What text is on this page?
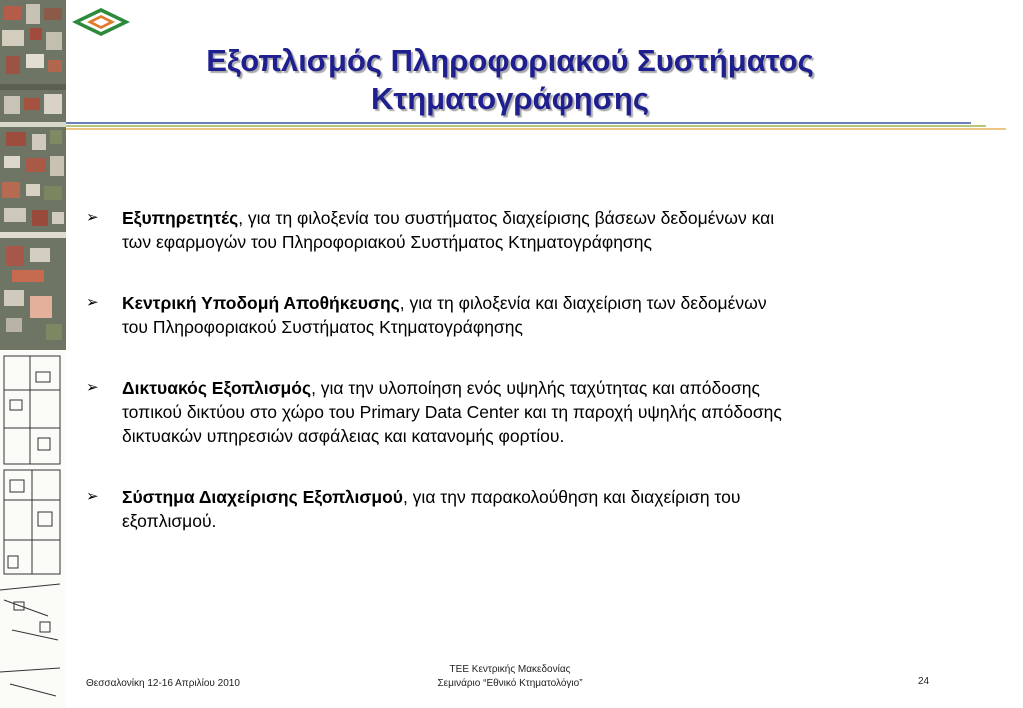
Εξοπλισμός Πληροφοριακού Συστήματος
Κτηματογράφησης
➢ Εξυπηρετητές, για τη φιλοξενία του συστήματος διαχείρισης βάσεων δεδομένων και
των εφαρμογών του Πληροφοριακού Συστήματος Κτηματογράφησης
➢ Κεντρική Υποδομή Αποθήκευσης, για τη φιλοξενία και διαχείριση των δεδομένων
του Πληροφοριακού Συστήματος Κτηματογράφησης
➢ Δικτυακός Εξοπλισμός, για την υλοποίηση ενός υψηλής ταχύτητας και απόδοσης
τοπικού δικτύου στο χώρο του Primary Data Center και τη παροχή υψηλής απόδοσης
δικτυακών υπηρεσιών ασφάλειας και κατανομής φορτίου.
➢ Σύστημα Διαχείρισης Εξοπλισμού, για την παρακολούθηση και διαχείριση του
εξοπλισμού.
Θεσσαλονίκη 12-16 Απριλίου 2010
ΤΕΕ Κεντρικής Μακεδονίας
Σεμινάριο “Εθνικό Κτηματολόγιο”	24
